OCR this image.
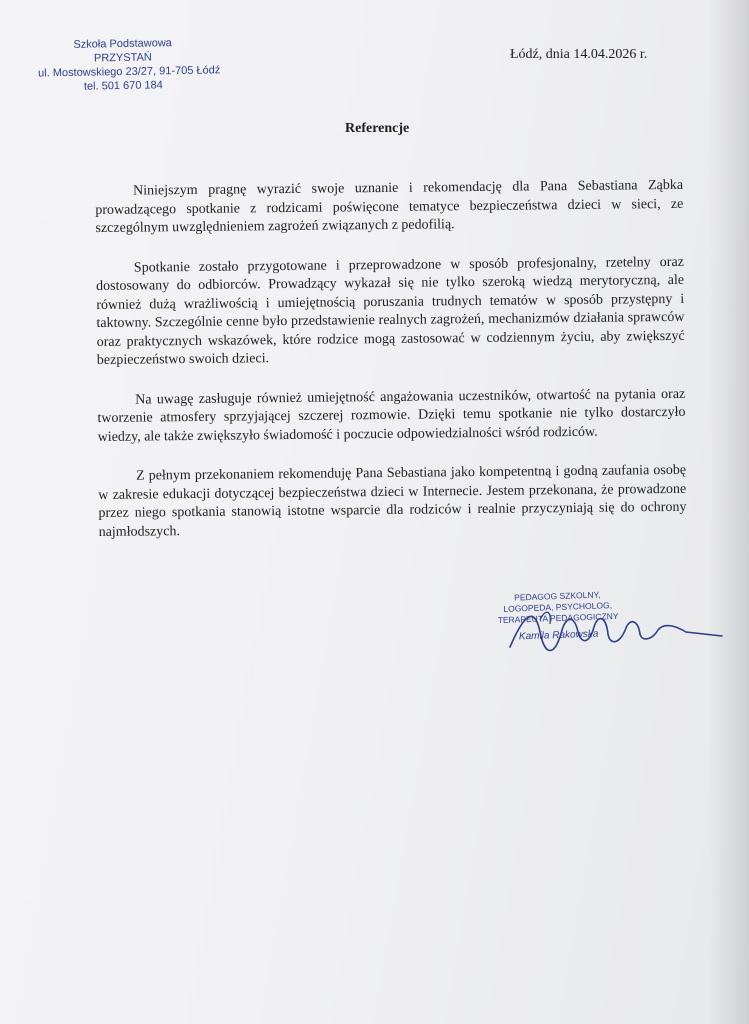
Szkoła Podstawowa
PRZYSTAŃ
ul. Mostowskiego 23/27, 91-705 Łódź
tel. 501 670 184
Łódź, dnia 14.04.2026 r.
Referencje

Niniejszym pragnę wyrazić swoje uznanie i rekomendację dla Pana Sebastiana Ząbka prowadzącego spotkanie z rodzicami poświęcone tematyce bezpieczeństwa dzieci w sieci, ze szczególnym uwzględnieniem zagrożeń związanych z pedofilią.

Spotkanie zostało przygotowane i przeprowadzone w sposób profesjonalny, rzetelny oraz dostosowany do odbiorców. Prowadzący wykazał się nie tylko szeroką wiedzą merytoryczną, ale również dużą wrażliwością i umiejętnością poruszania trudnych tematów w sposób przystępny i taktowny. Szczególnie cenne było przedstawienie realnych zagrożeń, mechanizmów działania sprawców oraz praktycznych wskazówek, które rodzice mogą zastosować w codziennym życiu, aby zwiększyć bezpieczeństwo swoich dzieci.

Na uwagę zasługuje również umiejętność angażowania uczestników, otwartość na pytania oraz tworzenie atmosfery sprzyjającej szczerej rozmowie. Dzięki temu spotkanie nie tylko dostarczyło wiedzy, ale także zwiększyło świadomość i poczucie odpowiedzialności wśród rodziców.

Z pełnym przekonaniem rekomenduję Pana Sebastiana jako kompetentną i godną zaufania osobę w zakresie edukacji dotyczącej bezpieczeństwa dzieci w Internecie. Jestem przekonana, że prowadzone przez niego spotkania stanowią istotne wsparcie dla rodziców i realnie przyczyniają się do ochrony najmłodszych.

PEDAGOG SZKOLNY,
LOGOPEDA, PSYCHOLOG,
TERAPEUTA PEDAGOGICZNY
Kamila Rakowska
